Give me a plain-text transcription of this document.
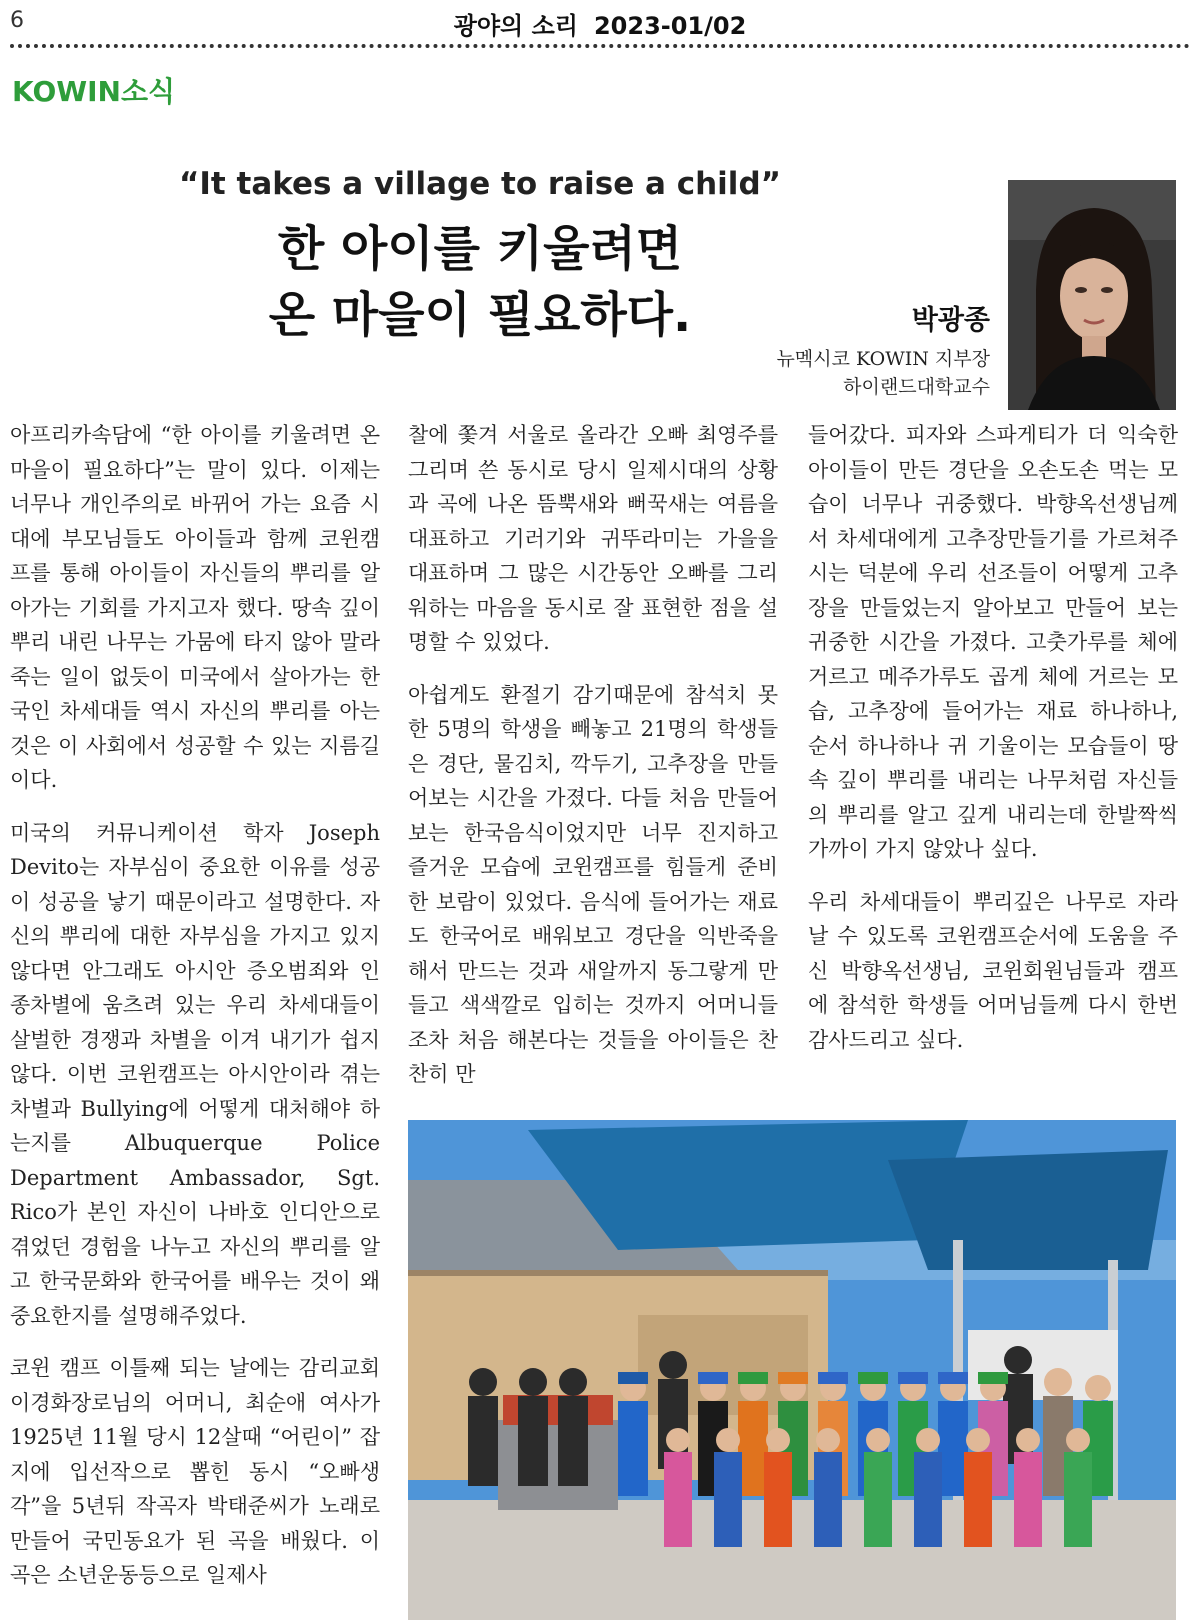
6	광야의 소리 2023-01/02
KOWIN소식
“It takes a village to raise a child”
한 아이를 키울려면
온 마을이 필요하다.	박광종
뉴멕시코 KOWIN 지부장
하이랜드대학교수

아프리카속담에 “한 아이를 키울려면 온 마을이 필요하다”는 말이 있다. 이제는 너무나 개인주의로 바뀌어 가는 요즘 시대에 부모님들도 아이들과 함께 코윈캠프를 통해 아이들이 자신들의 뿌리를 알아가는 기회를 가지고자 했다. 땅속 깊이 뿌리 내린 나무는 가뭄에 타지 않아 말라 죽는 일이 없듯이 미국에서 살아가는 한국인 차세대들 역시 자신의 뿌리를 아는 것은 이 사회에서 성공할 수 있는 지름길이다.

미국의 커뮤니케이션 학자 Joseph Devito는 자부심이 중요한 이유를 성공이 성공을 낳기 때문이라고 설명한다. 자신의 뿌리에 대한 자부심을 가지고 있지 않다면 안그래도 아시안 증오범죄와 인종차별에 움츠려 있는 우리 차세대들이 살벌한 경쟁과 차별을 이겨 내기가 쉽지 않다. 이번 코윈캠프는 아시안이라 겪는 차별과 Bullying에 어떻게 대처해야 하는지를 Albuquerque Police Department Ambassador, Sgt. Rico가 본인 자신이 나바호 인디안으로 겪었던 경험을 나누고 자신의 뿌리를 알고 한국문화와 한국어를 배우는 것이 왜 중요한지를 설명해주었다.

코윈 캠프 이틀째 되는 날에는 감리교회 이경화장로님의 어머니, 최순애 여사가 1925년 11월 당시 12살때 “어린이” 잡지에 입선작으로 뽑힌 동시 “오빠생각”을 5년뒤 작곡자 박태준씨가 노래로 만들어 국민동요가 된 곡을 배웠다. 이 곡은 소년운동등으로 일제사

찰에 쫓겨 서울로 올라간 오빠 최영주를 그리며 쓴 동시로 당시 일제시대의 상황과 곡에 나온 뜸뿍새와 뻐꾹새는 여름을 대표하고 기러기와 귀뚜라미는 가을을 대표하며 그 많은 시간동안 오빠를 그리워하는 마음을 동시로 잘 표현한 점을 설명할 수 있었다.

아쉽게도 환절기 감기때문에 참석치 못한 5명의 학생을 빼놓고 21명의 학생들은 경단, 물김치, 깍두기, 고추장을 만들어보는 시간을 가졌다. 다들 처음 만들어 보는 한국음식이었지만 너무 진지하고 즐거운 모습에 코윈캠프를 힘들게 준비한 보람이 있었다. 음식에 들어가는 재료도 한국어로 배워보고 경단을 익반죽을 해서 만드는 것과 새알까지 동그랗게 만들고 색색깔로 입히는 것까지 어머니들조차 처음 해본다는 것들을 아이들은 찬찬히 만

들어갔다. 피자와 스파게티가 더 익숙한 아이들이 만든 경단을 오손도손 먹는 모습이 너무나 귀중했다. 박향옥선생님께서 차세대에게 고추장만들기를 가르쳐주시는 덕분에 우리 선조들이 어떻게 고추장을 만들었는지 알아보고 만들어 보는 귀중한 시간을 가졌다. 고춧가루를 체에 거르고 메주가루도 곱게 체에 거르는 모습, 고추장에 들어가는 재료 하나하나, 순서 하나하나 귀 기울이는 모습들이 땅속 깊이 뿌리를 내리는 나무처럼 자신들의 뿌리를 알고 깊게 내리는데 한발짝씩 가까이 가지 않았나 싶다.

우리 차세대들이 뿌리깊은 나무로 자라날 수 있도록 코윈캠프순서에 도움을 주신 박향옥선생님, 코윈회원님들과 캠프에 참석한 학생들 어머님들께 다시 한번 감사드리고 싶다.
